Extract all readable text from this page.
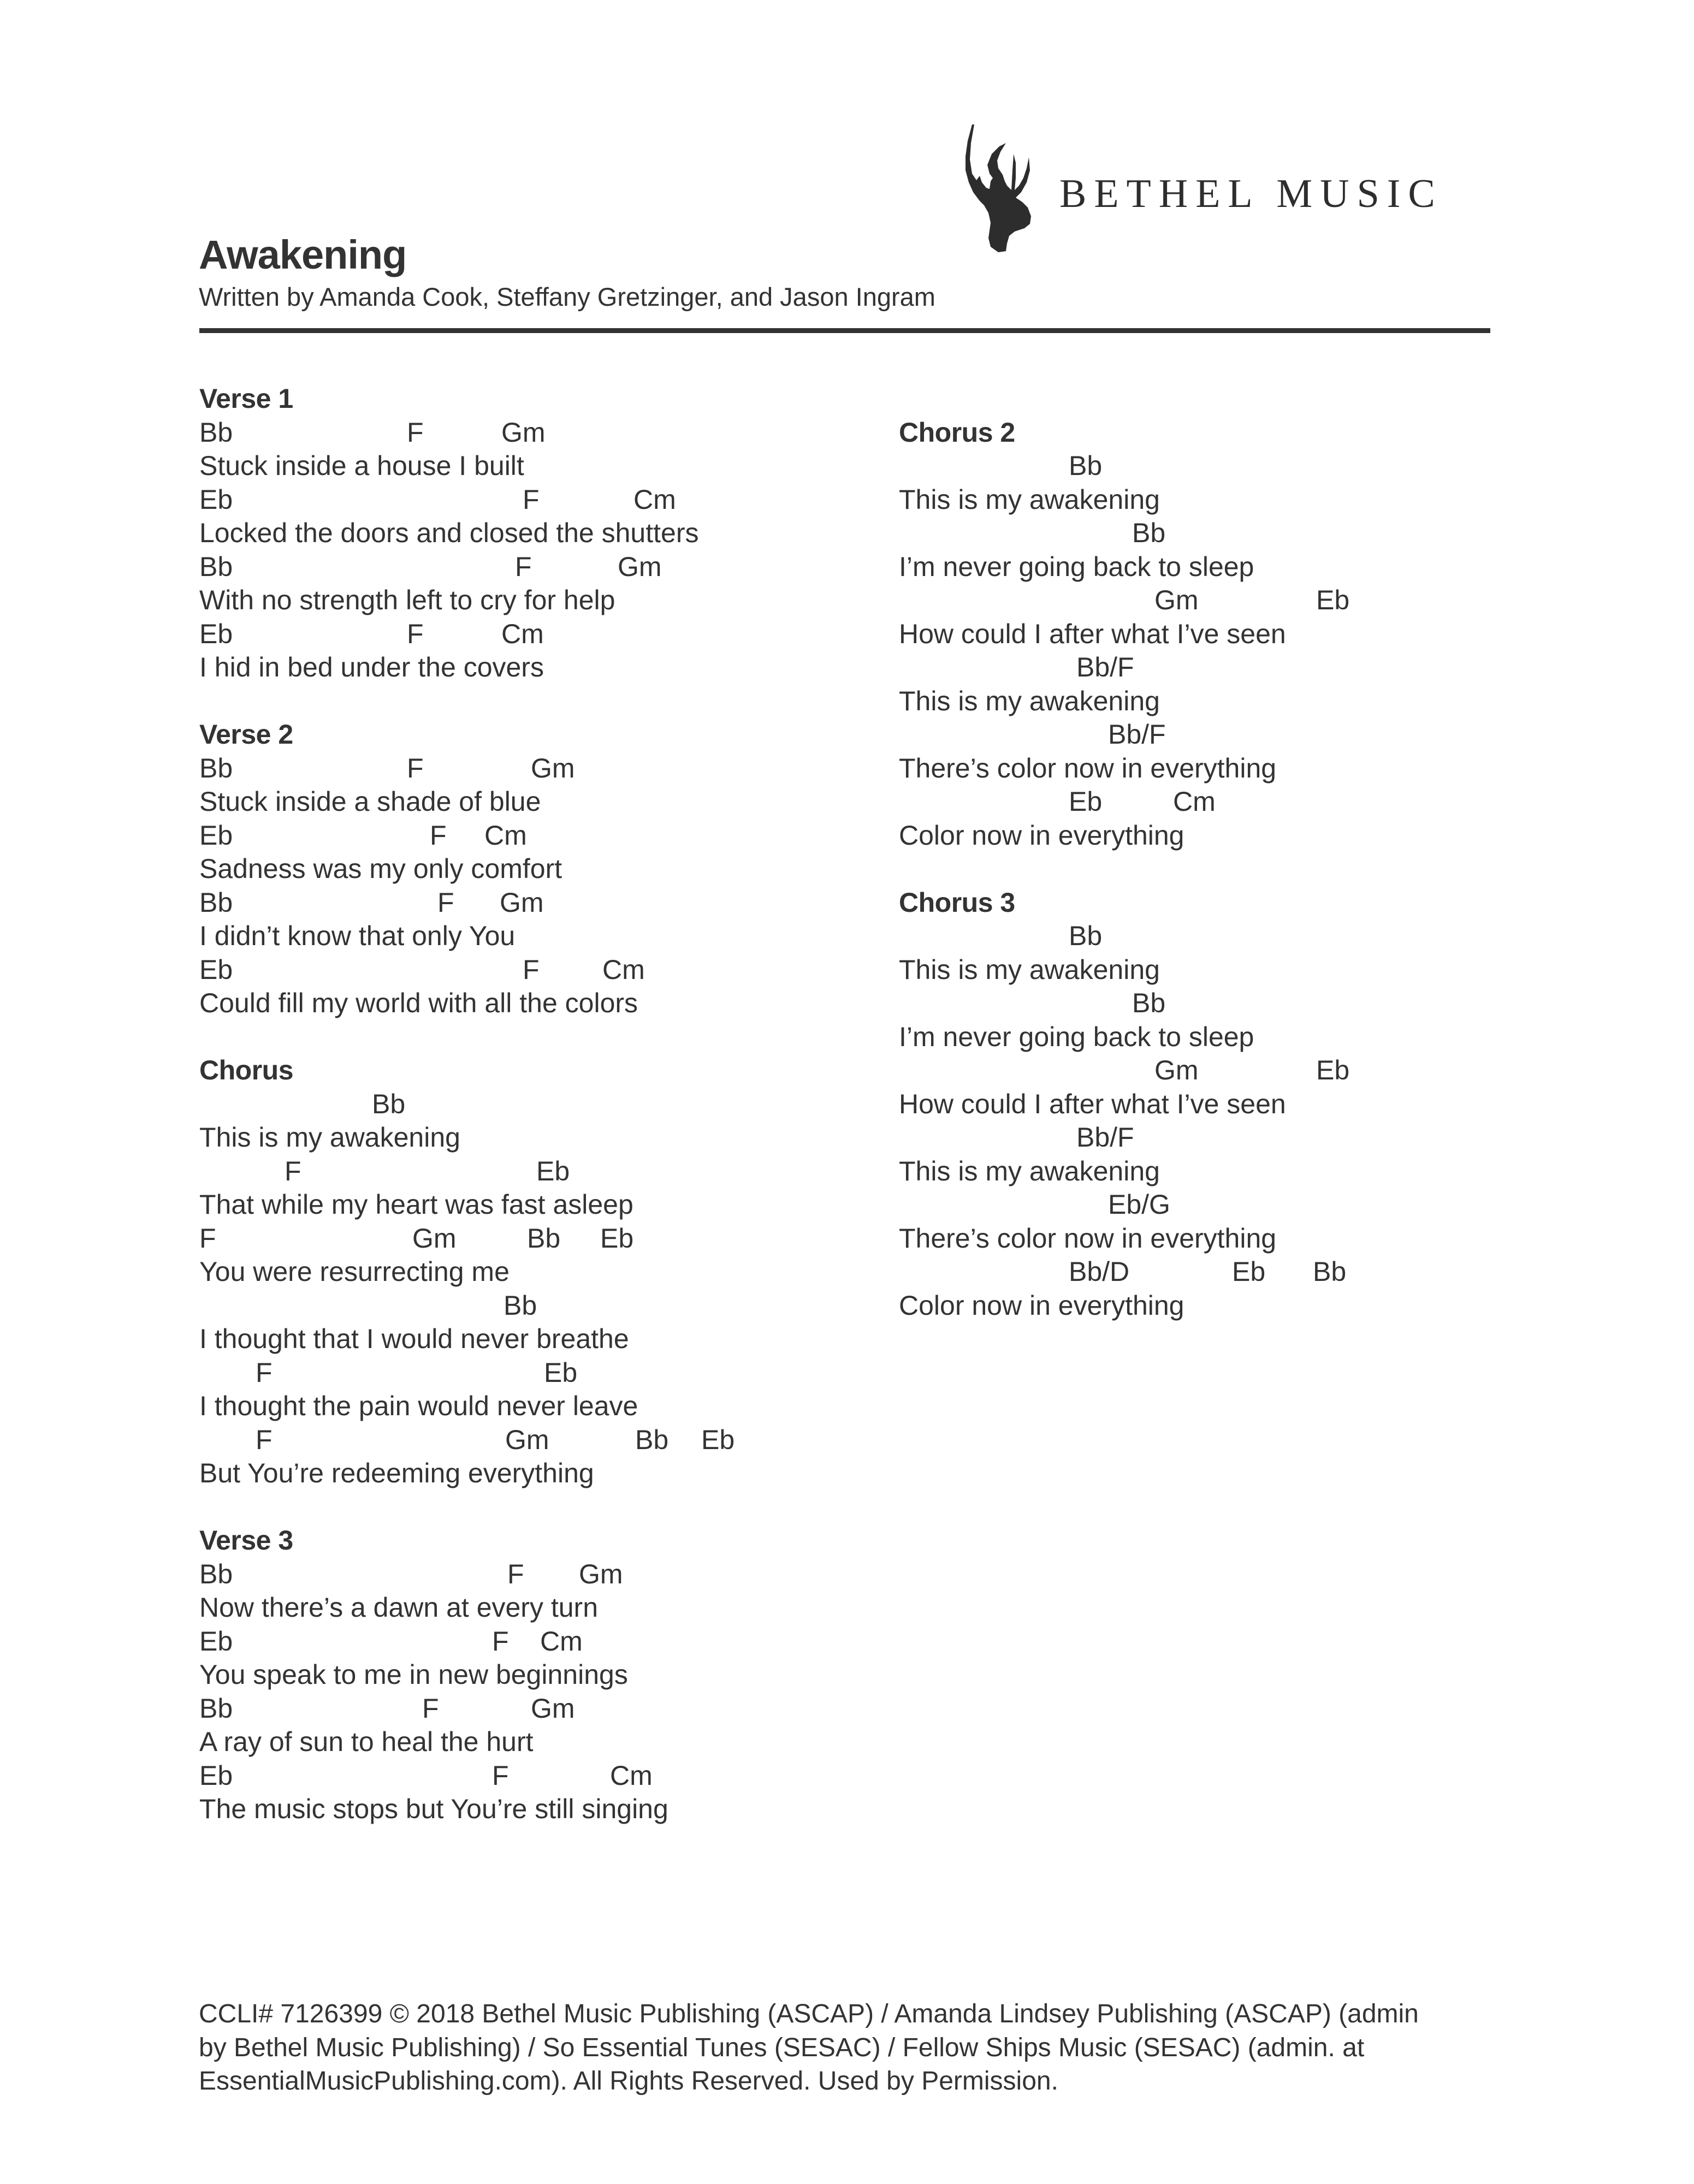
BETHEL MUSIC
Awakening
Written by Amanda Cook, Steffany Gretzinger, and Jason Ingram
Verse 1
Bb	F	Gm
Stuck inside a house I built
Eb	F	Cm
Locked the doors and closed the shutters
Bb	F	Gm
With no strength left to cry for help
Eb	F	Cm
I hid in bed under the covers
Verse 2
Bb	F	Gm
Stuck inside a shade of blue
Eb	F Cm
Sadness was my only comfort
Bb	F Gm
I didn’t know that only You
Eb	F Cm
Could fill my world with all the colors
Chorus
Bb
This is my awakening
F	Eb
That while my heart was fast asleep
F	Gm	Bb Eb
You were resurrecting me
Bb
I thought that I would never breathe
F	Eb
I thought the pain would never leave
F	Gm	Bb Eb
But You’re redeeming everything
Verse 3
Bb	F Gm
Now there’s a dawn at every turn
Eb	F Cm
You speak to me in new beginnings
Bb	F	Gm
A ray of sun to heal the hurt
Eb	F	Cm
The music stops but You’re still singing
Chorus 2
Bb
This is my awakening
Bb
I’m never going back to sleep
Gm	Eb
How could I after what I’ve seen
Bb/F
This is my awakening
Bb/F
There’s color now in everything
Eb	Cm
Color now in everything
Chorus 3
Bb
This is my awakening
Bb
I’m never going back to sleep
Gm	Eb
How could I after what I’ve seen
Bb/F
This is my awakening
Eb/G
There’s color now in everything
Bb/D	Eb Bb
Color now in everything
CCLI# 7126399 © 2018 Bethel Music Publishing (ASCAP) / Amanda Lindsey Publishing (ASCAP) (admin
by Bethel Music Publishing) / So Essential Tunes (SESAC) / Fellow Ships Music (SESAC) (admin. at
EssentialMusicPublishing.com). All Rights Reserved. Used by Permission.
